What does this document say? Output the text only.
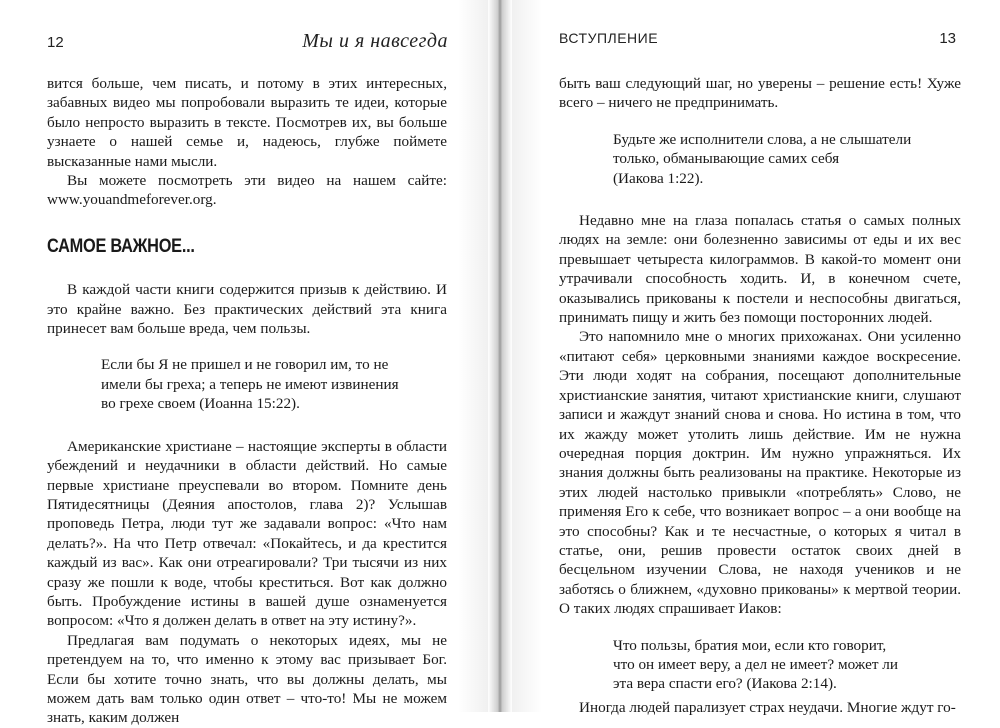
12	Мы и я навсегда

вится больше, чем писать, и потому в этих интересных, забавных видео мы попробовали выразить те идеи, которые было непросто выразить в тексте. Посмотрев их, вы больше узнаете о нашей семье и, надеюсь, глубже поймете высказанные нами мысли.

Вы можете посмотреть эти видео на нашем сайте: www.youandmeforever.org.

САМОЕ ВАЖНОЕ...

В каждой части книги содержится призыв к действию. И это крайне важно. Без практических действий эта книга принесет вам больше вреда, чем пользы.

Если бы Я не пришел и не говорил им, то не
имели бы греха; а теперь не имеют извинения
во грехе своем (Иоанна 15:22).

Американские христиане – настоящие эксперты в области убеждений и неудачники в области действий. Но самые первые христиане преуспевали во втором. Помните день Пятидесятницы (Деяния апостолов, глава 2)? Услышав проповедь Петра, люди тут же задавали вопрос: «Что нам делать?». На что Петр отвечал: «Покайтесь, и да крестится каждый из вас». Как они отреагировали? Три тысячи из них сразу же пошли к воде, чтобы креститься. Вот как должно быть. Пробуждение истины в вашей душе ознаменуется вопросом: «Что я должен делать в ответ на эту истину?».

Предлагая вам подумать о некоторых идеях, мы не претендуем на то, что именно к этому вас призывает Бог. Если бы хотите точно знать, что вы должны делать, мы можем дать вам только один ответ – что-то! Мы не можем знать, каким должен

ВСТУПЛЕНИЕ	13

быть ваш следующий шаг, но уверены – решение есть! Хуже всего – ничего не предпринимать.

Будьте же исполнители слова, а не слышатели
только, обманывающие самих себя
(Иакова 1:22).

Недавно мне на глаза попалась статья о самых полных людях на земле: они болезненно зависимы от еды и их вес превышает четыреста килограммов. В какой-то момент они утрачивали способность ходить. И, в конечном счете, оказывались прикованы к постели и неспособны двигаться, принимать пищу и жить без помощи посторонних людей.

Это напомнило мне о многих прихожанах. Они усиленно «питают себя» церковными знаниями каждое воскресение. Эти люди ходят на собрания, посещают дополнительные христианские занятия, читают христианские книги, слушают записи и жаждут знаний снова и снова. Но истина в том, что их жажду может утолить лишь действие. Им не нужна очередная порция доктрин. Им нужно упражняться. Их знания должны быть реализованы на практике. Некоторые из этих людей настолько привыкли «потреблять» Слово, не применяя Его к себе, что возникает вопрос – а они вообще на это способны? Как и те несчастные, о которых я читал в статье, они, решив провести остаток своих дней в бесцельном изучении Слова, не находя учеников и не заботясь о ближнем, «духовно прикованы» к мертвой теории. О таких людях спрашивает Иаков:

Что пользы, братия мои, если кто говорит,
что он имеет веру, а дел не имеет? может ли
эта вера спасти его? (Иакова 2:14).

Иногда людей парализует страх неудачи. Многие ждут го-
